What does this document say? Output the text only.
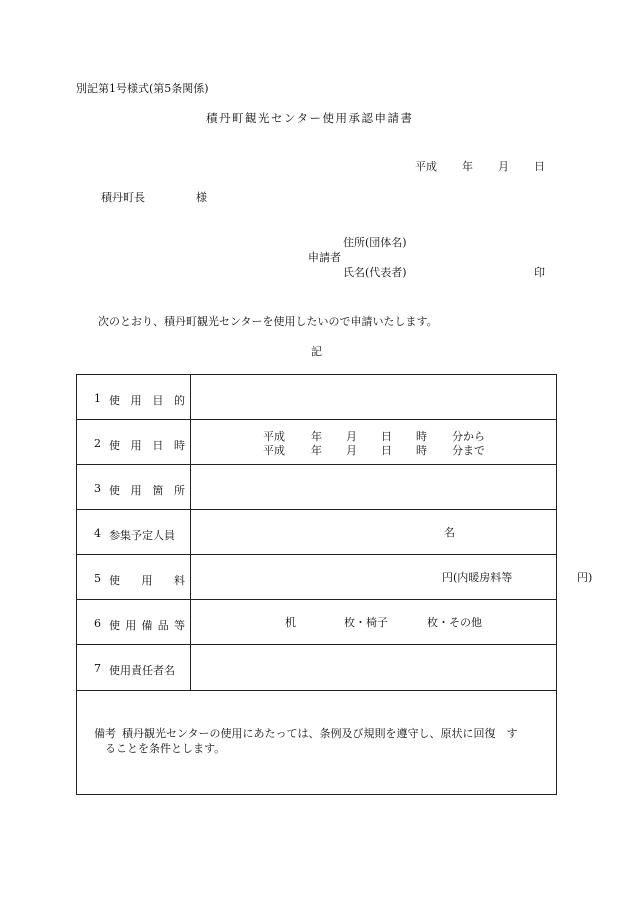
別記第1号様式(第5条関係)
積丹町観光センター使用承認申請書
平成 年 月 日
積丹町長	様
住所(団体名)
申請者
氏名(代表者)	印
次のとおり、積丹町観光センターを使用したいので申請いたします。
記
1 使 用 目 的
2 使 用 日 時
平成 年 月 日 時 分から
平成 年 月 日 時 分まで
3 使 用 箇 所
4 参集予定人員	名
5 使 用 料	円 (内暖房料等	円)
6 使 用 備 品 等	机	枚・椅子	枚・その他
7 使用責任者名
備考 積丹観光センターの使用にあたっては、条例及び規則を遵守し、原状に回復　す
ることを条件とします。
